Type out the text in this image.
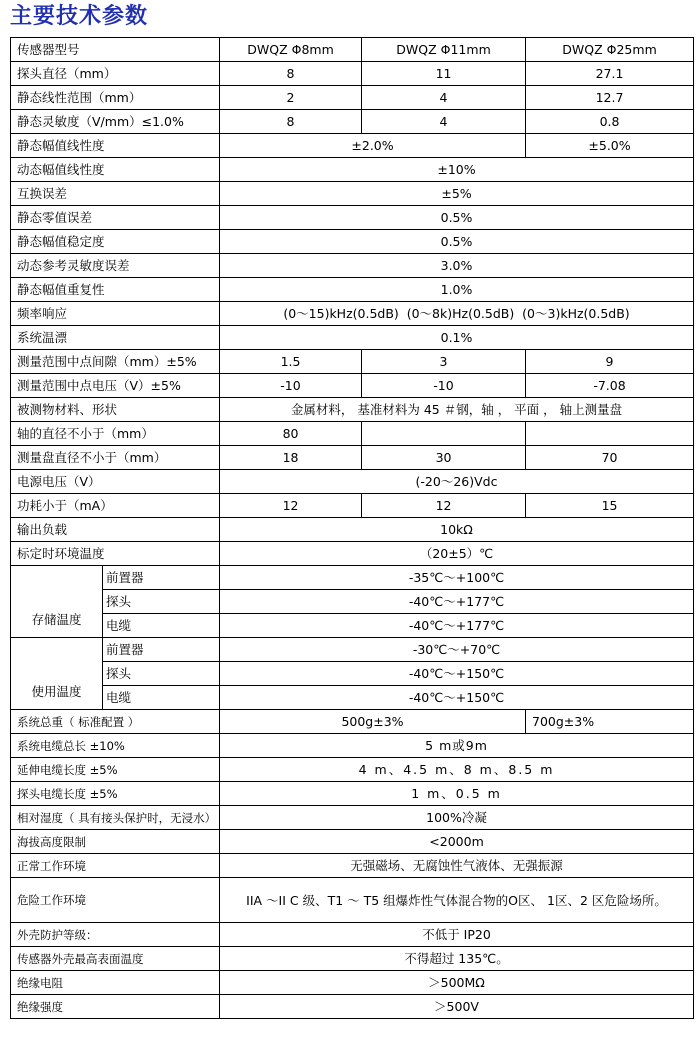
主要技术参数
传感器型号		DWQZ Φ8mm	DWQZ Φ11mm	DWQZ Φ25mm
探头直径（mm）		8	11	27.1
静态线性范围（mm）		2	4	12.7
静态灵敏度（V/mm）≤1.0%		8	4	0.8
静态幅值线性度		±2.0%		±5.0%
动态幅值线性度		±10%		
互换误差		±5%		
静态零值误差		0.5%		
静态幅值稳定度		0.5%		
动态参考灵敏度误差		3.0%		
静态幅值重复性		1.0%		
频率响应		(0～15)kHz(0.5dB)  (0～8k)Hz(0.5dB)  (0～3)kHz(0.5dB)		
系统温漂		0.1%		
测量范围中点间隙（mm）±5%		1.5	3	9
测量范围中点电压（V）±5%		-10	-10	-7.08
被测物材料、形状		金属材料， 基准材料为 45 ＃钢，轴 ， 平面 ， 轴上测量盘		
轴的直径不小于（mm）		80		
测量盘直径不小于（mm）		18	30	70
电源电压（V）		(-20～26)Vdc		
功耗小于（mA）		12	12	15
输出负载		10kΩ		
标定时环境温度		（20±5）℃		
存储温度	前置器	-35℃～+100℃		
	探头	-40℃～+177℃		
	电缆	-40℃～+177℃		
使用温度	前置器	-30℃～+70℃		
	探头	-40℃～+150℃		
	电缆	-40℃～+150℃		
系统总重（ 标准配置 ）		500g±3%		700g±3%
系统电缆总长 ±10%		5 m或9m		
延伸电缆长度 ±5%		4 m、4.5 m、8 m、8.5 m		
探头电缆长度 ±5%		1 m、0.5 m		
相对湿度（ 具有接头保护时，无浸水）		100%冷凝		
海拔高度限制		<2000m		
正常工作环境		无强磁场、无腐蚀性气液体、无强振源		
危险工作环境		IIA ～II C 级、T1 ～ T5 组爆炸性气体混合物的O区、 1区、2 区危险场所。		
外壳防护等级：		不低于 IP20		
传感器外壳最高表面温度		不得超过 135℃。		
绝缘电阻		＞500MΩ		
绝缘强度		＞500V		
